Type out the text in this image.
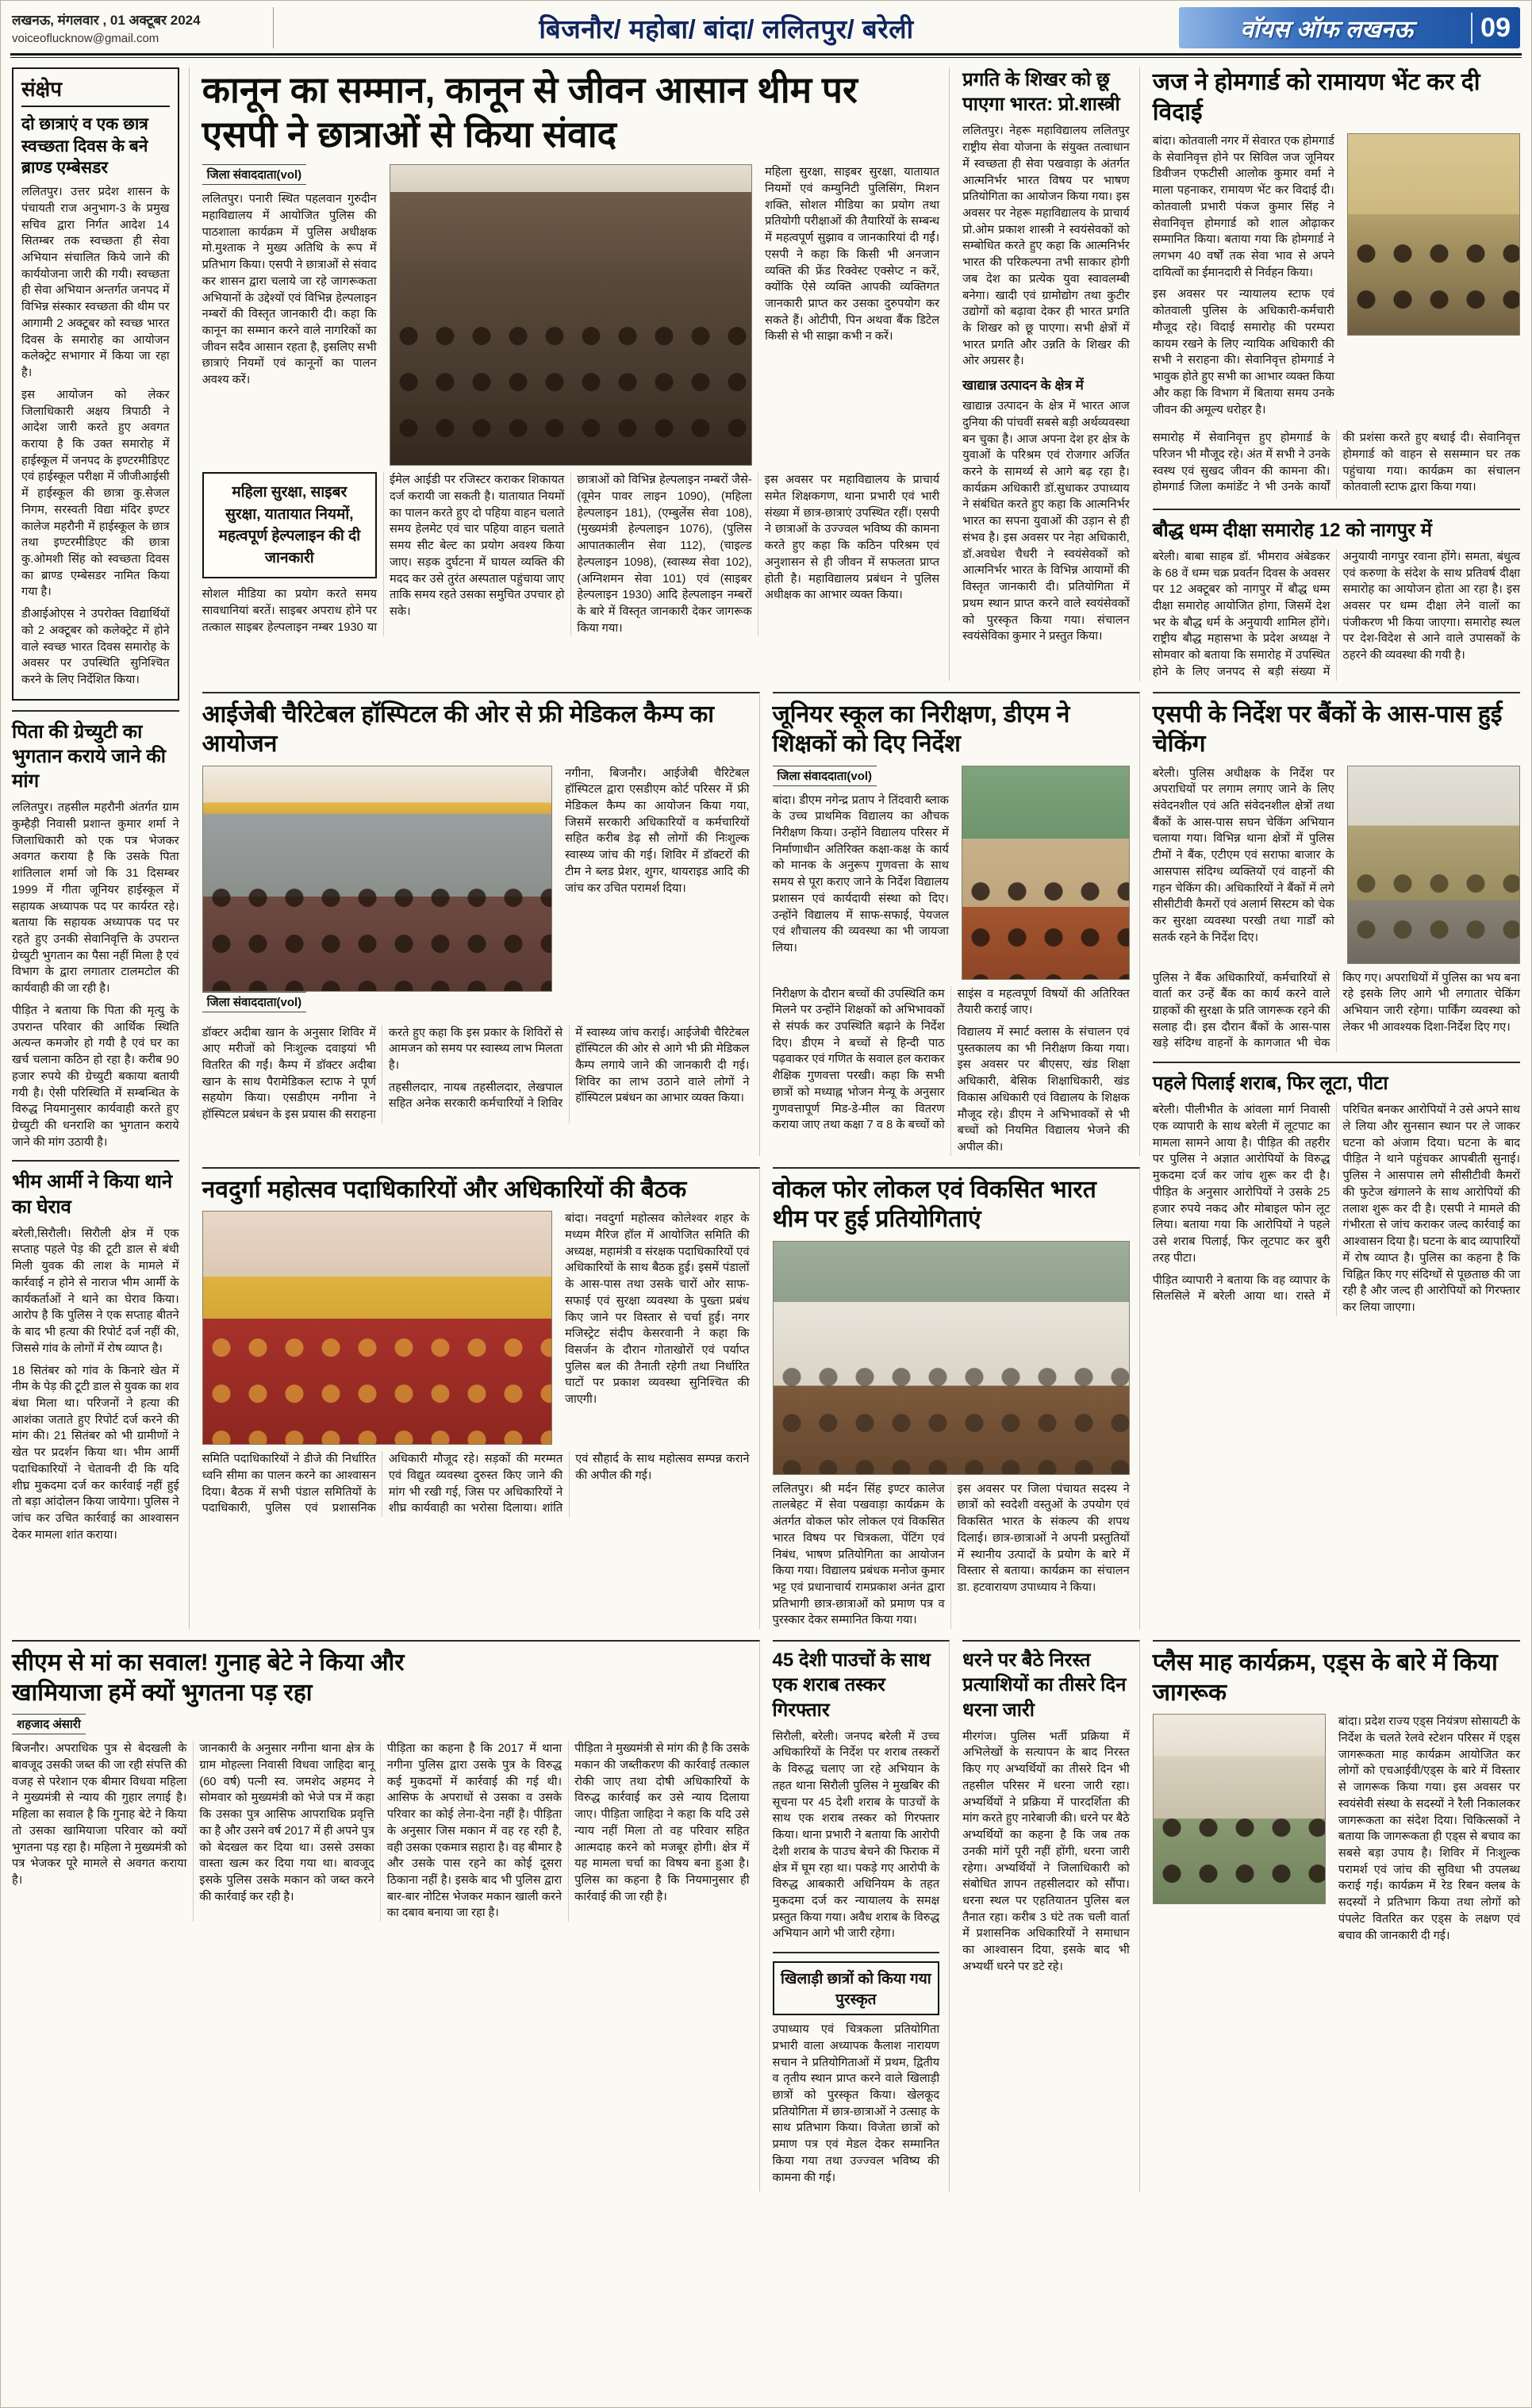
लखनऊ, मंगलवार , 01 अक्टूबर 2024
voiceoflucknow@gmail.com	बिजनौर/ महोबा/ बांदा/ ललितपुर/ बरेली	वॉयस ऑफ लखनऊ	09
संक्षेप
दो छात्राएं व एक छात्र स्वच्छता दिवस के बने ब्राण्ड एम्बेसडर

ललितपुर। उत्तर प्रदेश शासन के पंचायती राज अनुभाग-3 के प्रमुख सचिव द्वारा निर्गत आदेश 14 सितम्बर तक स्वच्छता ही सेवा अभियान संचालित किये जाने की कार्ययोजना जारी की गयी। स्वच्छता ही सेवा अभियान अन्तर्गत जनपद में विभिन्न संस्कार स्वच्छता की थीम पर आगामी 2 अक्टूबर को स्वच्छ भारत दिवस के समारोह का आयोजन कलेक्ट्रेट सभागार में किया जा रहा है।

इस आयोजन को लेकर जिलाधिकारी अक्षय त्रिपाठी ने आदेश जारी करते हुए अवगत कराया है कि उक्त समारोह में हाईस्कूल में जनपद के इण्टरमीडिएट एवं हाईस्कूल परीक्षा में जीजीआईसी में हाईस्कूल की छात्रा कु.सेजल निगम, सरस्वती विद्या मंदिर इण्टर कालेज महरौनी में हाईस्कूल के छात्र तथा इण्टरमीडिएट की छात्रा कु.ओमशी सिंह को स्वच्छता दिवस का ब्राण्ड एम्बेसडर नामित किया गया है।

डीआईओएस ने उपरोक्त विद्यार्थियों को 2 अक्टूबर को कलेक्ट्रेट में होने वाले स्वच्छ भारत दिवस समारोह के अवसर पर उपस्थिति सुनिश्चित करने के लिए निर्देशित किया।

पिता की ग्रेच्युटी का भुगतान कराये जाने की मांग

ललितपुर। तहसील महरौनी अंतर्गत ग्राम कुम्हैड़ी निवासी प्रशान्त कुमार शर्मा ने जिलाधिकारी को एक पत्र भेजकर अवगत कराया है कि उसके पिता शांतिलाल शर्मा जो कि 31 दिसम्बर 1999 में गीता जूनियर हाईस्कूल में सहायक अध्यापक पद पर कार्यरत रहे। बताया कि सहायक अध्यापक पद पर रहते हुए उनकी सेवानिवृत्ति के उपरान्त ग्रेच्युटी भुगतान का पैसा नहीं मिला है एवं विभाग के द्वारा लगातार टालमटोल की कार्यवाही की जा रही है।

पीड़ित ने बताया कि पिता की मृत्यु के उपरान्त परिवार की आर्थिक स्थिति अत्यन्त कमजोर हो गयी है एवं घर का खर्च चलाना कठिन हो रहा है। करीब 90 हजार रुपये की ग्रेच्युटी बकाया बतायी गयी है। ऐसी परिस्थिति में सम्बन्धित के विरुद्ध नियमानुसार कार्यवाही करते हुए ग्रेच्युटी की धनराशि का भुगतान कराये जाने की मांग उठायी है।

भीम आर्मी ने किया थाने का घेराव

बरेली,सिरौली। सिरौली क्षेत्र में एक सप्ताह पहले पेड़ की टूटी डाल से बंधी मिली युवक की लाश के मामले में कार्रवाई न होने से नाराज भीम आर्मी के कार्यकर्ताओं ने थाने का घेराव किया। आरोप है कि पुलिस ने एक सप्ताह बीतने के बाद भी हत्या की रिपोर्ट दर्ज नहीं की, जिससे गांव के लोगों में रोष व्याप्त है।

18 सितंबर को गांव के किनारे खेत में नीम के पेड़ की टूटी डाल से युवक का शव बंधा मिला था। परिजनों ने हत्या की आशंका जताते हुए रिपोर्ट दर्ज करने की मांग की। 21 सितंबर को भी ग्रामीणों ने खेत पर प्रदर्शन किया था। भीम आर्मी पदाधिकारियों ने चेतावनी दी कि यदि शीघ्र मुकदमा दर्ज कर कार्रवाई नहीं हुई तो बड़ा आंदोलन किया जायेगा। पुलिस ने जांच कर उचित कार्रवाई का आश्वासन देकर मामला शांत कराया।

कानून का सम्मान, कानून से जीवन आसान थीम पर एसपी ने छात्राओं से किया संवाद
जिला संवाददाता(vol)

ललितपुर। पनारी स्थित पहलवान गुरुदीन महाविद्यालय में आयोजित पुलिस की पाठशाला कार्यक्रम में पुलिस अधीक्षक मो.मुश्ताक ने मुख्य अतिथि के रूप में प्रतिभाग किया। एसपी ने छात्राओं से संवाद कर शासन द्वारा चलाये जा रहे जागरूकता अभियानों के उद्देश्यों एवं विभिन्न हेल्पलाइन नम्बरों की विस्तृत जानकारी दी। कहा कि कानून का सम्मान करने वाले नागरिकों का जीवन सदैव आसान रहता है, इसलिए सभी छात्राएं नियमों एवं कानूनों का पालन अवश्य करें।

महिला सुरक्षा, साइबर सुरक्षा, यातायात नियमों एवं कम्युनिटी पुलिसिंग, मिशन शक्ति, सोशल मीडिया का प्रयोग तथा प्रतियोगी परीक्षाओं की तैयारियों के सम्बन्ध में महत्वपूर्ण सुझाव व जानकारियां दी गईं। एसपी ने कहा कि किसी भी अनजान व्यक्ति की फ्रेंड रिक्वेस्ट एक्सेप्ट न करें, क्योंकि ऐसे व्यक्ति आपकी व्यक्तिगत जानकारी प्राप्त कर उसका दुरुपयोग कर सकते हैं। ओटीपी, पिन अथवा बैंक डिटेल किसी से भी साझा कभी न करें।

महिला सुरक्षा, साइबर सुरक्षा, यातायात नियमों, महत्वपूर्ण हेल्पलाइन की दी जानकारी

सोशल मीडिया का प्रयोग करते समय सावधानियां बरतें। साइबर अपराध होने पर तत्काल साइबर हेल्पलाइन नम्बर 1930 या ईमेल आईडी पर रजिस्टर कराकर शिकायत दर्ज करायी जा सकती है। यातायात नियमों का पालन करते हुए दो पहिया वाहन चलाते समय हेलमेट एवं चार पहिया वाहन चलाते समय सीट बेल्ट का प्रयोग अवश्य किया जाए। सड़क दुर्घटना में घायल व्यक्ति की मदद कर उसे तुरंत अस्पताल पहुंचाया जाए ताकि समय रहते उसका समुचित उपचार हो सके।

छात्राओं को विभिन्न हेल्पलाइन नम्बरों जैसे- (वूमेन पावर लाइन 1090), (महिला हेल्पलाइन 181), (एम्बुलेंस सेवा 108), (मुख्यमंत्री हेल्पलाइन 1076), (पुलिस आपातकालीन सेवा 112), (चाइल्ड हेल्पलाइन 1098), (स्वास्थ्य सेवा 102), (अग्निशमन सेवा 101) एवं (साइबर हेल्पलाइन 1930) आदि हेल्पलाइन नम्बरों के बारे में विस्तृत जानकारी देकर जागरूक किया गया।

इस अवसर पर महाविद्यालय के प्राचार्य समेत शिक्षकगण, थाना प्रभारी एवं भारी संख्या में छात्र-छात्राएं उपस्थित रहीं। एसपी ने छात्राओं के उज्ज्वल भविष्य की कामना करते हुए कहा कि कठिन परिश्रम एवं अनुशासन से ही जीवन में सफलता प्राप्त होती है। महाविद्यालय प्रबंधन ने पुलिस अधीक्षक का आभार व्यक्त किया।

प्रगति के शिखर को छू पाएगा भारत: प्रो.शास्त्री

ललितपुर। नेहरू महाविद्यालय ललितपुर राष्ट्रीय सेवा योजना के संयुक्त तत्वाधान में स्वच्छता ही सेवा पखवाड़ा के अंतर्गत आत्मनिर्भर भारत विषय पर भाषण प्रतियोगिता का आयोजन किया गया। इस अवसर पर नेहरू महाविद्यालय के प्राचार्य प्रो.ओम प्रकाश शास्त्री ने स्वयंसेवकों को सम्बोधित करते हुए कहा कि आत्मनिर्भर भारत की परिकल्पना तभी साकार होगी जब देश का प्रत्येक युवा स्वावलम्बी बनेगा। खादी एवं ग्रामोद्योग तथा कुटीर उद्योगों को बढ़ावा देकर ही भारत प्रगति के शिखर को छू पाएगा। सभी क्षेत्रों में भारत प्रगति और उन्नति के शिखर की ओर अग्रसर है।

खाद्यान्न उत्पादन के क्षेत्र में

खाद्यान्न उत्पादन के क्षेत्र में भारत आज दुनिया की पांचवीं सबसे बड़ी अर्थव्यवस्था बन चुका है। आज अपना देश हर क्षेत्र के युवाओं के परिश्रम एवं रोजगार अर्जित करने के सामर्थ्य से आगे बढ़ रहा है। कार्यक्रम अधिकारी डॉ.सुधाकर उपाध्याय ने संबंधित करते हुए कहा कि आत्मनिर्भर भारत का सपना युवाओं की उड़ान से ही संभव है। इस अवसर पर नेहा अधिकारी, डॉ.अवधेश चैधरी ने स्वयंसेवकों को आत्मनिर्भर भारत के विभिन्न आयामों की विस्तृत जानकारी दी। प्रतियोगिता में प्रथम स्थान प्राप्त करने वाले स्वयंसेवकों को पुरस्कृत किया गया। संचालन स्वयंसेविका कुमार ने प्रस्तुत किया।

जज ने होमगार्ड को रामायण भेंट कर दी विदाई

बांदा। कोतवाली नगर में सेवारत एक होमगार्ड के सेवानिवृत्त होने पर सिविल जज जूनियर डिवीजन एफटीसी आलोक कुमार वर्मा ने माला पहनाकर, रामायण भेंट कर विदाई दी। कोतवाली प्रभारी पंकज कुमार सिंह ने सेवानिवृत्त होमगार्ड को शाल ओढ़ाकर सम्मानित किया। बताया गया कि होमगार्ड ने लगभग 40 वर्षों तक सेवा भाव से अपने दायित्वों का ईमानदारी से निर्वहन किया।

इस अवसर पर न्यायालय स्टाफ एवं कोतवाली पुलिस के अधिकारी-कर्मचारी मौजूद रहे। विदाई समारोह की परम्परा कायम रखने के लिए न्यायिक अधिकारी की सभी ने सराहना की। सेवानिवृत्त होमगार्ड ने भावुक होते हुए सभी का आभार व्यक्त किया और कहा कि विभाग में बिताया समय उनके जीवन की अमूल्य धरोहर है।

समारोह में सेवानिवृत्त हुए होमगार्ड के परिजन भी मौजूद रहे। अंत में सभी ने उनके स्वस्थ एवं सुखद जीवन की कामना की। होमगार्ड जिला कमांडेंट ने भी उनके कार्यों की प्रशंसा करते हुए बधाई दी। सेवानिवृत्त होमगार्ड को वाहन से ससम्मान घर तक पहुंचाया गया। कार्यक्रम का संचालन कोतवाली स्टाफ द्वारा किया गया।

बौद्ध धम्म दीक्षा समारोह 12 को नागपुर में

बरेली। बाबा साहब डॉ. भीमराव अंबेडकर के 68 वें धम्म चक्र प्रवर्तन दिवस के अवसर पर 12 अक्टूबर को नागपुर में बौद्ध धम्म दीक्षा समारोह आयोजित होगा, जिसमें देश भर के बौद्ध धर्म के अनुयायी शामिल होंगे। राष्ट्रीय बौद्ध महासभा के प्रदेश अध्यक्ष ने सोमवार को बताया कि समारोह में उपस्थित होने के लिए जनपद से बड़ी संख्या में अनुयायी नागपुर रवाना होंगे। समता, बंधुत्व एवं करुणा के संदेश के साथ प्रतिवर्ष दीक्षा समारोह का आयोजन होता आ रहा है। इस अवसर पर धम्म दीक्षा लेने वालों का पंजीकरण भी किया जाएगा। समारोह स्थल पर देश-विदेश से आने वाले उपासकों के ठहरने की व्यवस्था की गयी है।

आईजेबी चैरिटेबल हॉस्पिटल की ओर से फ्री मेडिकल कैम्प का आयोजन
जिला संवाददाता(vol)

नगीना, बिजनौर। आईजेबी चैरिटेबल हॉस्पिटल द्वारा एसडीएम कोर्ट परिसर में फ्री मेडिकल कैम्प का आयोजन किया गया, जिसमें सरकारी अधिकारियों व कर्मचारियों सहित करीब डेढ़ सौ लोगों की निःशुल्क स्वास्थ्य जांच की गई। शिविर में डॉक्टरों की टीम ने ब्लड प्रेशर, शुगर, थायराइड आदि की जांच कर उचित परामर्श दिया।

डॉक्टर अदीबा खान के अनुसार शिविर में आए मरीजों को निःशुल्क दवाइयां भी वितरित की गईं। कैम्प में डॉक्टर अदीबा खान के साथ पैरामेडिकल स्टाफ ने पूर्ण सहयोग किया। एसडीएम नगीना ने हॉस्पिटल प्रबंधन के इस प्रयास की सराहना करते हुए कहा कि इस प्रकार के शिविरों से आमजन को समय पर स्वास्थ्य लाभ मिलता है।

तहसीलदार, नायब तहसीलदार, लेखपाल सहित अनेक सरकारी कर्मचारियों ने शिविर में स्वास्थ्य जांच कराई। आईजेबी चैरिटेबल हॉस्पिटल की ओर से आगे भी फ्री मेडिकल कैम्प लगाये जाने की जानकारी दी गई। शिविर का लाभ उठाने वाले लोगों ने हॉस्पिटल प्रबंधन का आभार व्यक्त किया।

जूनियर स्कूल का निरीक्षण, डीएम ने शिक्षकों को दिए निर्देश
जिला संवाददाता(vol)

बांदा। डीएम नगेन्द्र प्रताप ने तिंदवारी ब्लाक के उच्च प्राथमिक विद्यालय का औचक निरीक्षण किया। उन्होंने विद्यालय परिसर में निर्माणाधीन अतिरिक्त कक्षा-कक्ष के कार्य को मानक के अनुरूप गुणवत्ता के साथ समय से पूरा कराए जाने के निर्देश विद्यालय प्रशासन एवं कार्यदायी संस्था को दिए। उन्होंने विद्यालय में साफ-सफाई, पेयजल एवं शौचालय की व्यवस्था का भी जायजा लिया।

निरीक्षण के दौरान बच्चों की उपस्थिति कम मिलने पर उन्होंने शिक्षकों को अभिभावकों से संपर्क कर उपस्थिति बढ़ाने के निर्देश दिए। डीएम ने बच्चों से हिन्दी पाठ पढ़वाकर एवं गणित के सवाल हल कराकर शैक्षिक गुणवत्ता परखी। कहा कि सभी छात्रों को मध्याह्न भोजन मेन्यू के अनुसार गुणवत्तापूर्ण मिड-डे-मील का वितरण कराया जाए तथा कक्षा 7 व 8 के बच्चों को साइंस व महत्वपूर्ण विषयों की अतिरिक्त तैयारी कराई जाए।

विद्यालय में स्मार्ट क्लास के संचालन एवं पुस्तकालय का भी निरीक्षण किया गया। इस अवसर पर बीएसए, खंड शिक्षा अधिकारी, बेसिक शिक्षाधिकारी, खंड विकास अधिकारी एवं विद्यालय के शिक्षक मौजूद रहे। डीएम ने अभिभावकों से भी बच्चों को नियमित विद्यालय भेजने की अपील की।

एसपी के निर्देश पर बैंकों के आस-पास हुई चेकिंग

बरेली। पुलिस अधीक्षक के निर्देश पर अपराधियों पर लगाम लगाए जाने के लिए संवेदनशील एवं अति संवेदनशील क्षेत्रों तथा बैंकों के आस-पास सघन चेकिंग अभियान चलाया गया। विभिन्न थाना क्षेत्रों में पुलिस टीमों ने बैंक, एटीएम एवं सराफा बाजार के आसपास संदिग्ध व्यक्तियों एवं वाहनों की गहन चेकिंग की। अधिकारियों ने बैंकों में लगे सीसीटीवी कैमरों एवं अलार्म सिस्टम को चेक कर सुरक्षा व्यवस्था परखी तथा गार्डों को सतर्क रहने के निर्देश दिए।

पुलिस ने बैंक अधिकारियों, कर्मचारियों से वार्ता कर उन्हें बैंक का कार्य करने वाले ग्राहकों की सुरक्षा के प्रति जागरूक रहने की सलाह दी। इस दौरान बैंकों के आस-पास खड़े संदिग्ध वाहनों के कागजात भी चेक किए गए। अपराधियों में पुलिस का भय बना रहे इसके लिए आगे भी लगातार चेकिंग अभियान जारी रहेगा। पार्किंग व्यवस्था को लेकर भी आवश्यक दिशा-निर्देश दिए गए।

पहले पिलाई शराब, फिर लूटा, पीटा

बरेली। पीलीभीत के आंवला मार्ग निवासी एक व्यापारी के साथ बरेली में लूटपाट का मामला सामने आया है। पीड़ित की तहरीर पर पुलिस ने अज्ञात आरोपियों के विरुद्ध मुकदमा दर्ज कर जांच शुरू कर दी है। पीड़ित के अनुसार आरोपियों ने उसके 25 हजार रुपये नकद और मोबाइल फोन लूट लिया। बताया गया कि आरोपियों ने पहले उसे शराब पिलाई, फिर लूटपाट कर बुरी तरह पीटा।

पीड़ित व्यापारी ने बताया कि वह व्यापार के सिलसिले में बरेली आया था। रास्ते में परिचित बनकर आरोपियों ने उसे अपने साथ ले लिया और सुनसान स्थान पर ले जाकर घटना को अंजाम दिया। घटना के बाद पीड़ित ने थाने पहुंचकर आपबीती सुनाई। पुलिस ने आसपास लगे सीसीटीवी कैमरों की फुटेज खंगालने के साथ आरोपियों की तलाश शुरू कर दी है। एसपी ने मामले की गंभीरता से जांच कराकर जल्द कार्रवाई का आश्वासन दिया है। घटना के बाद व्यापारियों में रोष व्याप्त है। पुलिस का कहना है कि चिह्नित किए गए संदिग्धों से पूछताछ की जा रही है और जल्द ही आरोपियों को गिरफ्तार कर लिया जाएगा।

नवदुर्गा महोत्सव पदाधिकारियों और अधिकारियों की बैठक

बांदा। नवदुर्गा महोत्सव कोलेश्वर शहर के मध्यम मैरिज हॉल में आयोजित समिति की अध्यक्ष, महामंत्री व संरक्षक पदाधिकारियों एवं अधिकारियों के साथ बैठक हुई। इसमें पंडालों के आस-पास तथा उसके चारों ओर साफ-सफाई एवं सुरक्षा व्यवस्था के पुख्ता प्रबंध किए जाने पर विस्तार से चर्चा हुई। नगर मजिस्ट्रेट संदीप केसरवानी ने कहा कि विसर्जन के दौरान गोताखोरों एवं पर्याप्त पुलिस बल की तैनाती रहेगी तथा निर्धारित घाटों पर प्रकाश व्यवस्था सुनिश्चित की जाएगी।

समिति पदाधिकारियों ने डीजे की निर्धारित ध्वनि सीमा का पालन करने का आश्वासन दिया। बैठक में सभी पंडाल समितियों के पदाधिकारी, पुलिस एवं प्रशासनिक अधिकारी मौजूद रहे। सड़कों की मरम्मत एवं विद्युत व्यवस्था दुरुस्त किए जाने की मांग भी रखी गई, जिस पर अधिकारियों ने शीघ्र कार्यवाही का भरोसा दिलाया। शांति एवं सौहार्द के साथ महोत्सव सम्पन्न कराने की अपील की गई।

वोकल फोर लोकल एवं विकसित भारत थीम पर हुई प्रतियोगिताएं

ललितपुर। श्री मर्दन सिंह इण्टर कालेज तालबेहट में सेवा पखवाड़ा कार्यक्रम के अंतर्गत वोकल फोर लोकल एवं विकसित भारत विषय पर चित्रकला, पेंटिंग एवं निबंध, भाषण प्रतियोगिता का आयोजन किया गया। विद्यालय प्रबंधक मनोज कुमार भट्ट एवं प्रधानाचार्य रामप्रकाश अनंत द्वारा प्रतिभागी छात्र-छात्राओं को प्रमाण पत्र व पुरस्कार देकर सम्मानित किया गया।

इस अवसर पर जिला पंचायत सदस्य ने छात्रों को स्वदेशी वस्तुओं के उपयोग एवं विकसित भारत के संकल्प की शपथ दिलाई। छात्र-छात्राओं ने अपनी प्रस्तुतियों में स्थानीय उत्पादों के प्रयोग के बारे में विस्तार से बताया। कार्यक्रम का संचालन डा. हटवारायण उपाध्याय ने किया।

सीएम से मां का सवाल! गुनाह बेटे ने किया और खामियाजा हमें क्यों भुगतना पड़ रहा
शहजाद अंसारी

बिजनौर। अपराधिक पुत्र से बेदखली के बावजूद उसकी जब्त की जा रही संपत्ति की वजह से परेशान एक बीमार विधवा महिला ने मुख्यमंत्री से न्याय की गुहार लगाई है। महिला का सवाल है कि गुनाह बेटे ने किया तो उसका खामियाजा परिवार को क्यों भुगतना पड़ रहा है। महिला ने मुख्यमंत्री को पत्र भेजकर पूरे मामले से अवगत कराया है।

जानकारी के अनुसार नगीना थाना क्षेत्र के ग्राम मोहल्ला निवासी विधवा जाहिदा बानू (60 वर्ष) पत्नी स्व. जमशेद अहमद ने सोमवार को मुख्यमंत्री को भेजे पत्र में कहा कि उसका पुत्र आसिफ आपराधिक प्रवृत्ति का है और उसने वर्ष 2017 में ही अपने पुत्र को बेदखल कर दिया था। उससे उसका वास्ता खत्म कर दिया गया था। बावजूद इसके पुलिस उसके मकान को जब्त करने की कार्रवाई कर रही है।

पीड़िता का कहना है कि 2017 में थाना नगीना पुलिस द्वारा उसके पुत्र के विरुद्ध कई मुकदमों में कार्रवाई की गई थी। आसिफ के अपराधों से उसका व उसके परिवार का कोई लेना-देना नहीं है। पीड़िता के अनुसार जिस मकान में वह रह रही है, वही उसका एकमात्र सहारा है। वह बीमार है और उसके पास रहने का कोई दूसरा ठिकाना नहीं है। इसके बाद भी पुलिस द्वारा बार-बार नोटिस भेजकर मकान खाली करने का दबाव बनाया जा रहा है।

पीड़िता ने मुख्यमंत्री से मांग की है कि उसके मकान की जब्तीकरण की कार्रवाई तत्काल रोकी जाए तथा दोषी अधिकारियों के विरुद्ध कार्रवाई कर उसे न्याय दिलाया जाए। पीड़िता जाहिदा ने कहा कि यदि उसे न्याय नहीं मिला तो वह परिवार सहित आत्मदाह करने को मजबूर होगी। क्षेत्र में यह मामला चर्चा का विषय बना हुआ है। पुलिस का कहना है कि नियमानुसार ही कार्रवाई की जा रही है।

45 देशी पाउचों के साथ एक शराब तस्कर गिरफ्तार

सिरौली, बरेली। जनपद बरेली में उच्च अधिकारियों के निर्देश पर शराब तस्करों के विरुद्ध चलाए जा रहे अभियान के तहत थाना सिरौली पुलिस ने मुखबिर की सूचना पर 45 देशी शराब के पाउचों के साथ एक शराब तस्कर को गिरफ्तार किया। थाना प्रभारी ने बताया कि आरोपी देशी शराब के पाउच बेचने की फिराक में क्षेत्र में घूम रहा था। पकड़े गए आरोपी के विरुद्ध आबकारी अधिनियम के तहत मुकदमा दर्ज कर न्यायालय के समक्ष प्रस्तुत किया गया। अवैध शराब के विरुद्ध अभियान आगे भी जारी रहेगा।

खिलाड़ी छात्रों को किया गया पुरस्कृत

उपाध्याय एवं चित्रकला प्रतियोगिता प्रभारी वाला अध्यापक कैलाश नारायण सचान ने प्रतियोगिताओं में प्रथम, द्वितीय व तृतीय स्थान प्राप्त करने वाले खिलाड़ी छात्रों को पुरस्कृत किया। खेलकूद प्रतियोगिता में छात्र-छात्राओं ने उत्साह के साथ प्रतिभाग किया। विजेता छात्रों को प्रमाण पत्र एवं मेडल देकर सम्मानित किया गया तथा उज्ज्वल भविष्य की कामना की गई।

धरने पर बैठे निरस्त प्रत्याशियों का तीसरे दिन धरना जारी

मीरगंज। पुलिस भर्ती प्रक्रिया में अभिलेखों के सत्यापन के बाद निरस्त किए गए अभ्यर्थियों का तीसरे दिन भी तहसील परिसर में धरना जारी रहा। अभ्यर्थियों ने प्रक्रिया में पारदर्शिता की मांग करते हुए नारेबाजी की। धरने पर बैठे अभ्यर्थियों का कहना है कि जब तक उनकी मांगें पूरी नहीं होंगी, धरना जारी रहेगा। अभ्यर्थियों ने जिलाधिकारी को संबोधित ज्ञापन तहसीलदार को सौंपा। धरना स्थल पर एहतियातन पुलिस बल तैनात रहा। करीब 3 घंटे तक चली वार्ता में प्रशासनिक अधिकारियों ने समाधान का आश्वासन दिया, इसके बाद भी अभ्यर्थी धरने पर डटे रहे।

प्लैस माह कार्यक्रम, एड्स के बारे में किया जागरूक

बांदा। प्रदेश राज्य एड्स नियंत्रण सोसायटी के निर्देश के चलते रेलवे स्टेशन परिसर में एड्स जागरूकता माह कार्यक्रम आयोजित कर लोगों को एचआईवी/एड्स के बारे में विस्तार से जागरूक किया गया। इस अवसर पर स्वयंसेवी संस्था के सदस्यों ने रैली निकालकर जागरूकता का संदेश दिया। चिकित्सकों ने बताया कि जागरूकता ही एड्स से बचाव का सबसे बड़ा उपाय है। शिविर में निःशुल्क परामर्श एवं जांच की सुविधा भी उपलब्ध कराई गई। कार्यक्रम में रेड रिबन क्लब के सदस्यों ने प्रतिभाग किया तथा लोगों को पंपलेट वितरित कर एड्स के लक्षण एवं बचाव की जानकारी दी गई।
